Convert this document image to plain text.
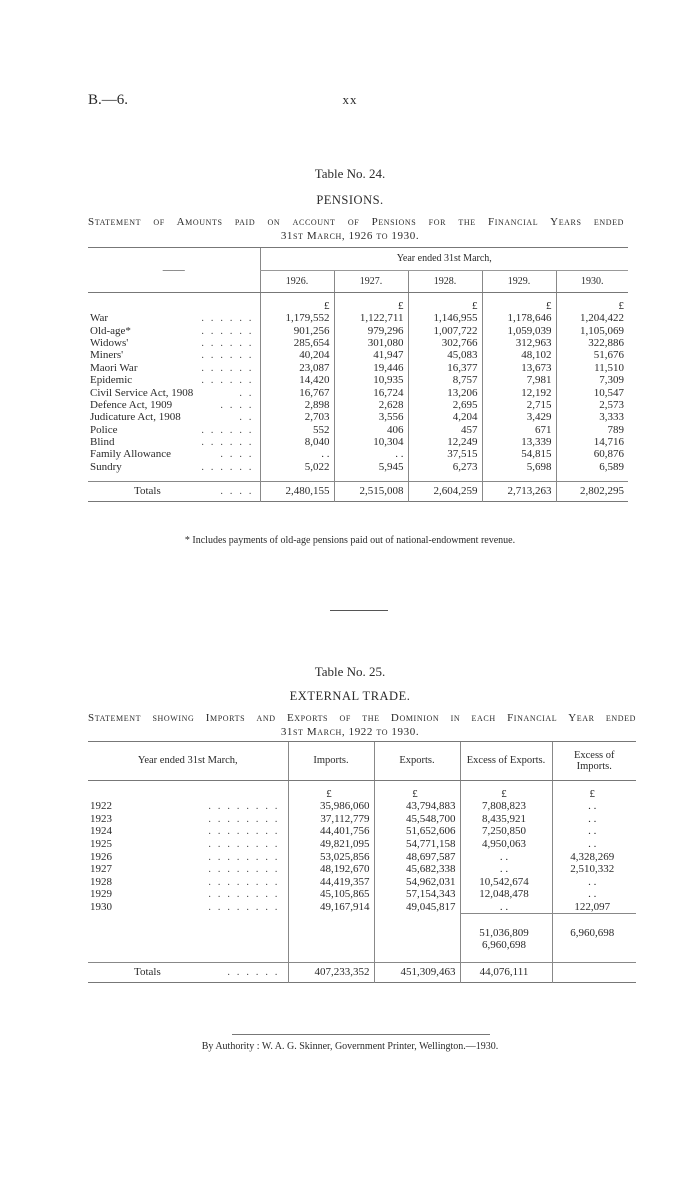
B.—6.	xx
Table No. 24.
PENSIONS.
Statement of Amounts paid on account of Pensions for the Financial Years ended
31st March, 1926 to 1930.
——	Year ended 31st March,				
	1926.	1927.	1928.	1929.	1930.
	£	£	£	£	£
War . . . . . .	1,179,552	1,122,711	1,146,955	1,178,646	1,204,422
Old-age* . . . . . .	901,256	979,296	1,007,722	1,059,039	1,105,069
Widows' . . . . . .	285,654	301,080	302,766	312,963	322,886
Miners' . . . . . .	40,204	41,947	45,083	48,102	51,676
Maori War . . . . . .	23,087	19,446	16,377	13,673	11,510
Epidemic . . . . . .	14,420	10,935	8,757	7,981	7,309
Civil Service Act, 1908 . .	16,767	16,724	13,206	12,192	10,547
Defence Act, 1909 . . . .	2,898	2,628	2,695	2,715	2,573
Judicature Act, 1908 . .	2,703	3,556	4,204	3,429	3,333
Police . . . . . .	552	406	457	671	789
Blind . . . . . .	8,040	10,304	12,249	13,339	14,716
Family Allowance . . . .	. .	. .	37,515	54,815	60,876
Sundry . . . . . .	5,022	5,945	6,273	5,698	6,589

Totals . . . .	2,480,155	2,515,008	2,604,259	2,713,263	2,802,295
* Includes payments of old-age pensions paid out of national-endowment revenue.
Table No. 25.
EXTERNAL TRADE.
Statement showing Imports and Exports of the Dominion in each Financial Year ended
31st March, 1922 to 1930.
Year ended 31st March,	Imports.	Exports.	Excess of Exports.	Excess of Imports.
	£	£	£	£
1922 . . . . . . . .	35,986,060	43,794,883	7,808,823	. .
1923 . . . . . . . .	37,112,779	45,548,700	8,435,921	. .
1924 . . . . . . . .	44,401,756	51,652,606	7,250,850	. .
1925 . . . . . . . .	49,821,095	54,771,158	4,950,063	. .
1926 . . . . . . . .	53,025,856	48,697,587	. .	4,328,269
1927 . . . . . . . .	48,192,670	45,682,338	. .	2,510,332
1928 . . . . . . . .	44,419,357	54,962,031	10,542,674	. .
1929 . . . . . . . .	45,105,865	57,154,343	12,048,478	. .
1930 . . . . . . . .	49,167,914	49,045,817	. .	122,097
			51,036,809	6,960,698
			6,960,698	

Totals . . . . . .	407,233,352	451,309,463	44,076,111	
By Authority : W. A. G. Skinner, Government Printer, Wellington.—1930.
